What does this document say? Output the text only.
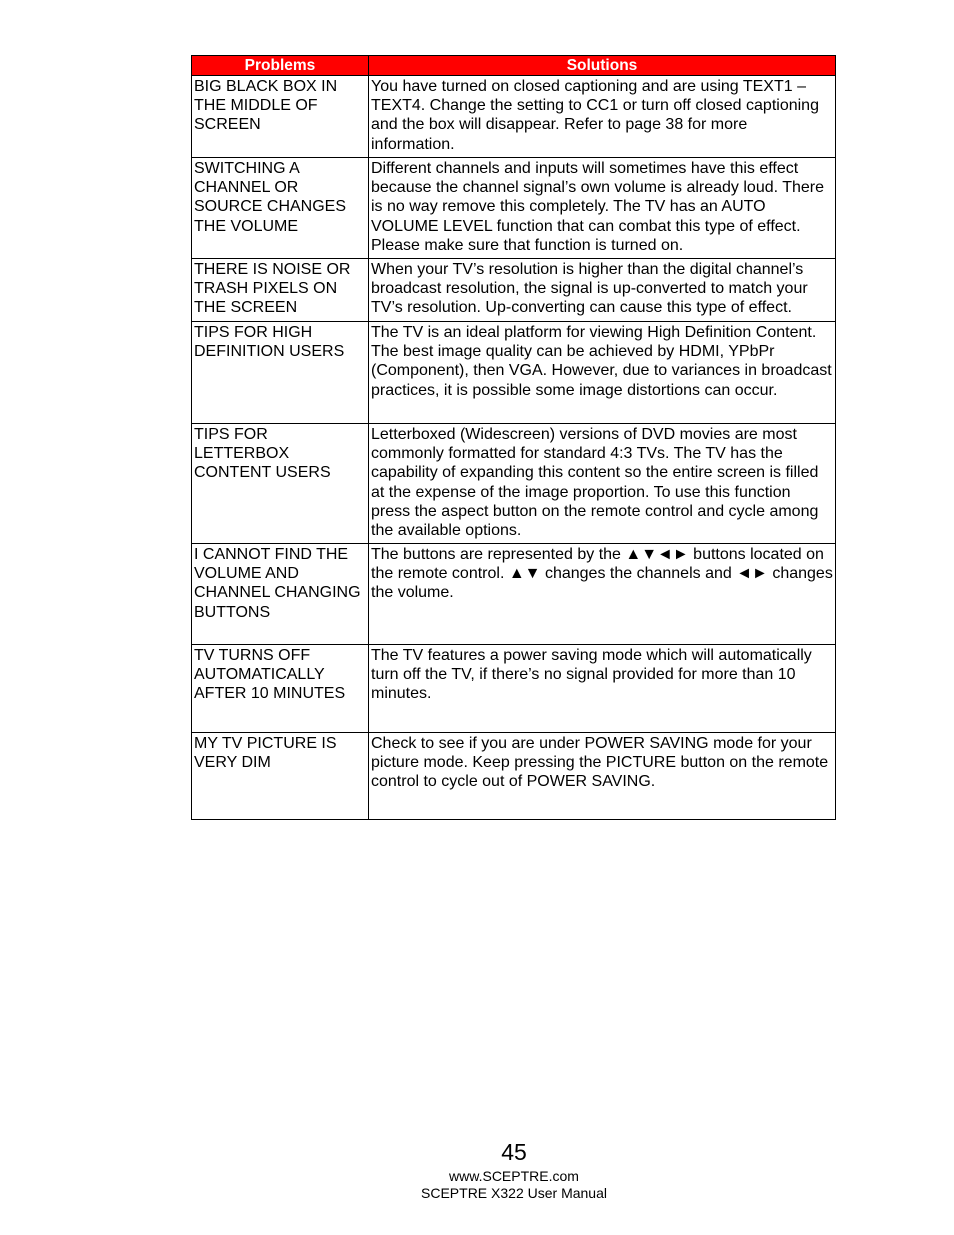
Problems	Solutions
BIG BLACK BOX IN THE MIDDLE OF SCREEN	You have turned on closed captioning and are using TEXT1 – TEXT4. Change the setting to CC1 or turn off closed captioning and the box will disappear. Refer to page 38 for more information.
SWITCHING A CHANNEL OR SOURCE CHANGES THE VOLUME	Different channels and inputs will sometimes have this effect because the channel signal’s own volume is already loud. There is no way remove this completely. The TV has an AUTO VOLUME LEVEL function that can combat this type of effect. Please make sure that function is turned on.
THERE IS NOISE OR TRASH PIXELS ON THE SCREEN	When your TV’s resolution is higher than the digital channel’s broadcast resolution, the signal is up-converted to match your TV’s resolution. Up-converting can cause this type of effect.
TIPS FOR HIGH DEFINITION USERS	The TV is an ideal platform for viewing High Definition Content. The best image quality can be achieved by HDMI, YPbPr (Component), then VGA. However, due to variances in broadcast practices, it is possible some image distortions can occur.
TIPS FOR LETTERBOX CONTENT USERS	Letterboxed (Widescreen) versions of DVD movies are most commonly formatted for standard 4:3 TVs. The TV has the capability of expanding this content so the entire screen is filled at the expense of the image proportion. To use this function press the aspect button on the remote control and cycle among the available options.
I CANNOT FIND THE VOLUME AND CHANNEL CHANGING BUTTONS	The buttons are represented by the ▲▼◄► buttons located on the remote control. ▲▼ changes the channels and ◄► changes the volume.
TV TURNS OFF AUTOMATICALLY AFTER 10 MINUTES	The TV features a power saving mode which will automatically turn off the TV, if there’s no signal provided for more than 10 minutes.
MY TV PICTURE IS VERY DIM	Check to see if you are under POWER SAVING mode for your picture mode. Keep pressing the PICTURE button on the remote control to cycle out of POWER SAVING.
45
www.SCEPTRE.com
SCEPTRE X322 User Manual
